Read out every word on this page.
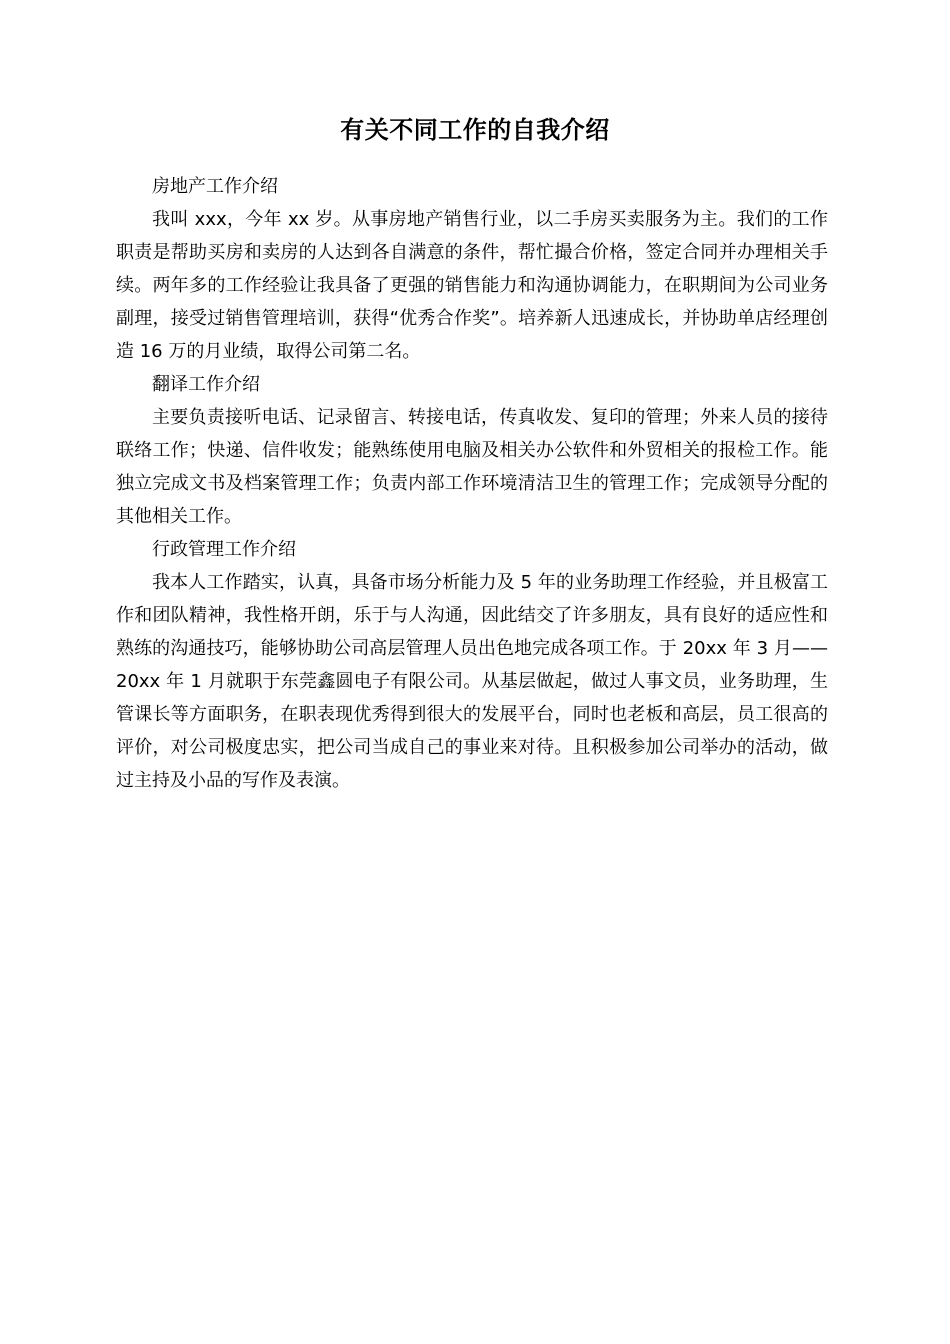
有关不同工作的自我介绍

房地产工作介绍

我叫 xxx，今年 xx 岁。从事房地产销售行业，以二手房买卖服务为主。我们的工作职责是帮助买房和卖房的人达到各自满意的条件，帮忙撮合价格，签定合同并办理相关手续。两年多的工作经验让我具备了更强的销售能力和沟通协调能力，在职期间为公司业务副理，接受过销售管理培训，获得“优秀合作奖”。培养新人迅速成长，并协助单店经理创造 16 万的月业绩，取得公司第二名。

翻译工作介绍

主要负责接听电话、记录留言、转接电话，传真收发、复印的管理；外来人员的接待联络工作；快递、信件收发；能熟练使用电脑及相关办公软件和外贸相关的报检工作。能独立完成文书及档案管理工作；负责内部工作环境清洁卫生的管理工作；完成领导分配的其他相关工作。

行政管理工作介绍

我本人工作踏实，认真，具备市场分析能力及 5 年的业务助理工作经验，并且极富工作和团队精神，我性格开朗，乐于与人沟通，因此结交了许多朋友，具有良好的适应性和熟练的沟通技巧，能够协助公司高层管理人员出色地完成各项工作。于 20xx 年 3 月——20xx 年 1 月就职于东莞鑫圆电子有限公司。从基层做起，做过人事文员，业务助理，生管课长等方面职务，在职表现优秀得到很大的发展平台，同时也老板和高层，员工很高的评价，对公司极度忠实，把公司当成自己的事业来对待。且积极参加公司举办的活动，做过主持及小品的写作及表演。
